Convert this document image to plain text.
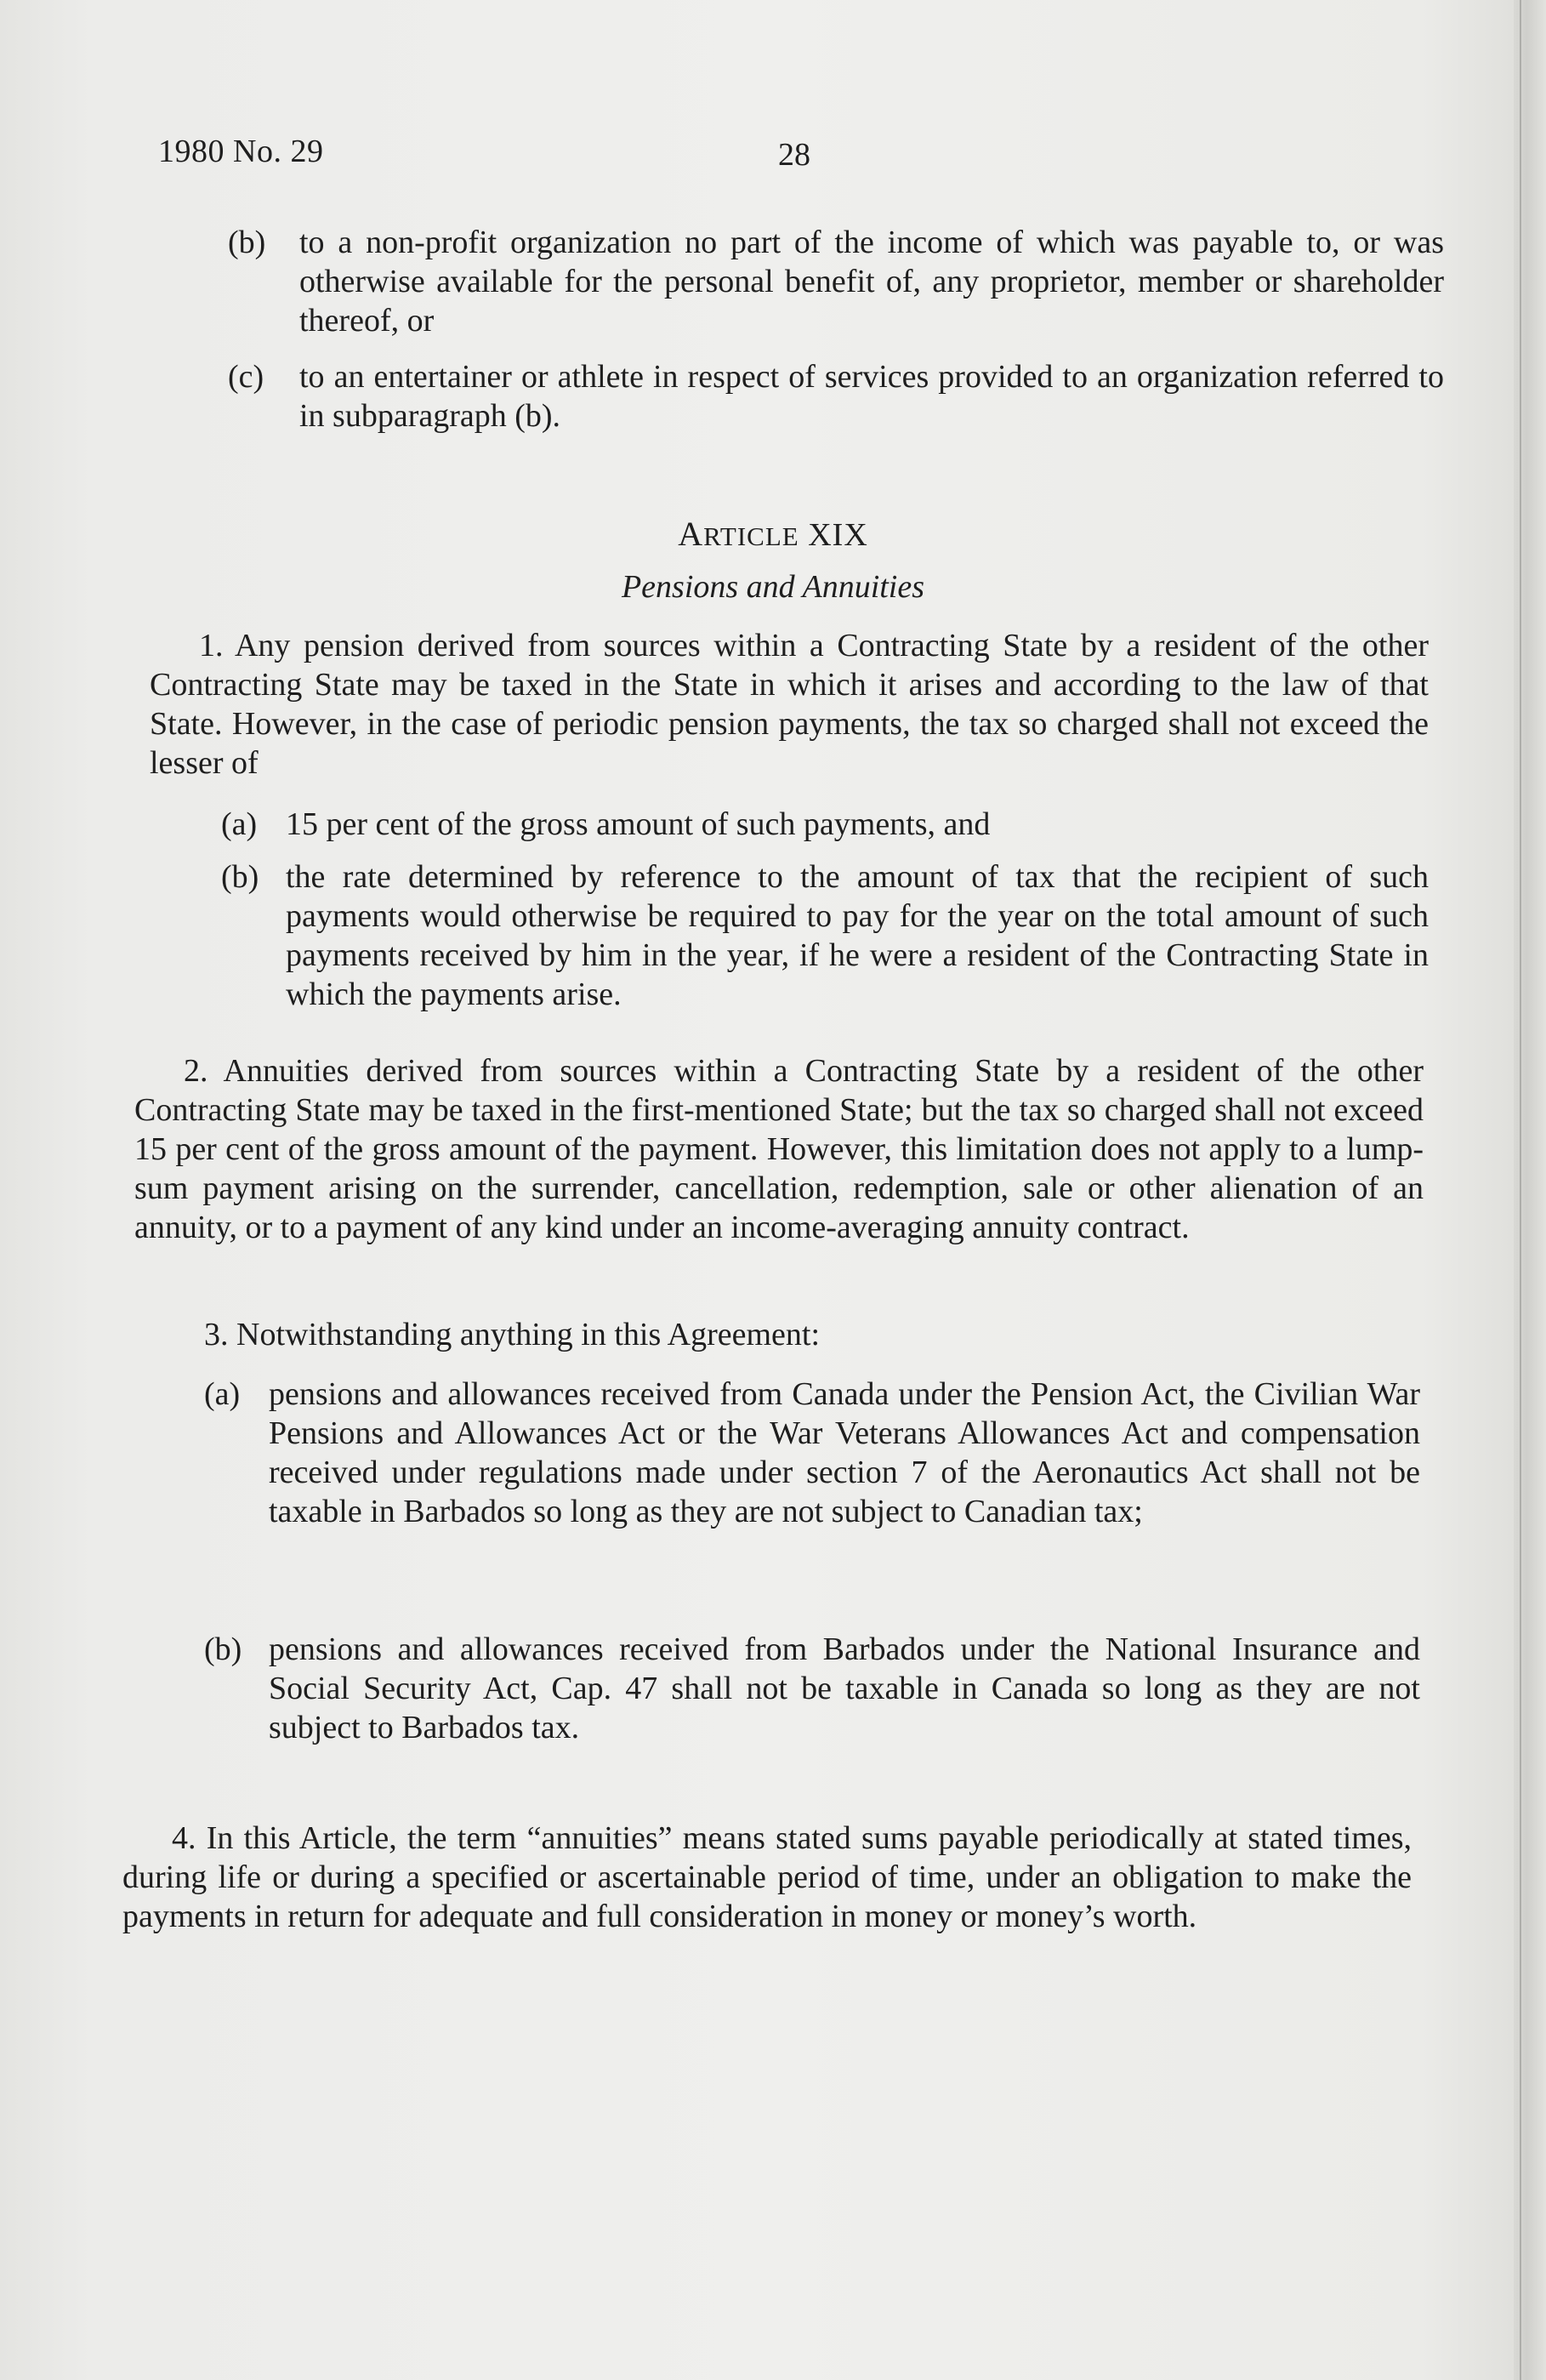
1980 No. 29	28
(b) to a non-profit organization no part of the income of which was payable to, or was otherwise available for the personal benefit of, any proprietor, member or shareholder thereof, or
(c) to an entertainer or athlete in respect of services provided to an organization referred to in subparagraph (b).
ARTICLE XIX
Pensions and Annuities
1. Any pension derived from sources within a Contracting State by a resident of the other Contracting State may be taxed in the State in which it arises and according to the law of that State. However, in the case of periodic pension payments, the tax so charged shall not exceed the lesser of
(a) 15 per cent of the gross amount of such payments, and
(b) the rate determined by reference to the amount of tax that the recipient of such payments would otherwise be required to pay for the year on the total amount of such payments received by him in the year, if he were a resident of the Contracting State in which the payments arise.
2. Annuities derived from sources within a Contracting State by a resident of the other Contracting State may be taxed in the first-mentioned State; but the tax so charged shall not exceed 15 per cent of the gross amount of the payment. However, this limitation does not apply to a lump-sum payment arising on the surrender, cancellation, redemption, sale or other alienation of an annuity, or to a payment of any kind under an income-averaging annuity contract.
3. Notwithstanding anything in this Agreement:
(a) pensions and allowances received from Canada under the Pension Act, the Civilian War Pensions and Allowances Act or the War Veterans Allowances Act and compensation received under regulations made under section 7 of the Aeronautics Act shall not be taxable in Barbados so long as they are not subject to Canadian tax;
(b) pensions and allowances received from Barbados under the National Insurance and Social Security Act, Cap. 47 shall not be taxable in Canada so long as they are not subject to Barbados tax.
4. In this Article, the term “annuities” means stated sums payable periodically at stated times, during life or during a specified or ascertainable period of time, under an obligation to make the payments in return for adequate and full consideration in money or money’s worth.
